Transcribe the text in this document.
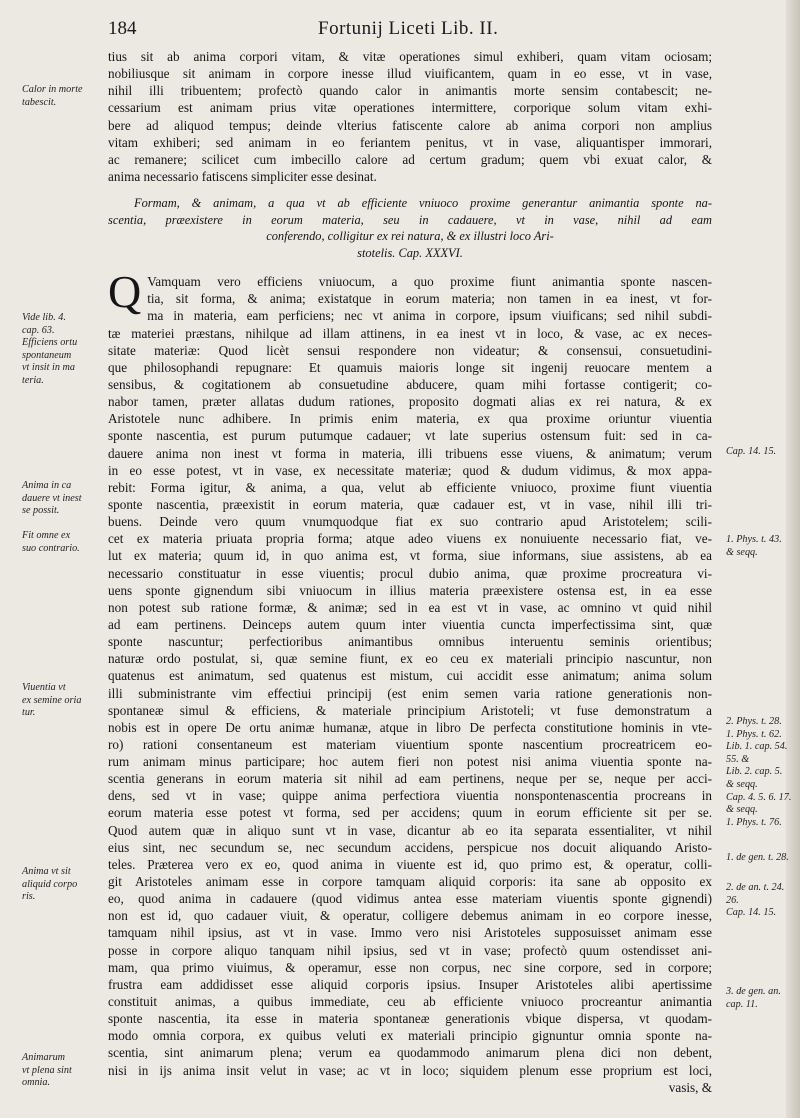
184	Fortunij Liceti Lib. II.
Calor in morte
tabescit.
Vide lib. 4.
cap. 63.
Efficiens ortu
spontaneum
vt insit in ma
teria.
Anima in ca
dauere vt inest
se possit.
Fit omne ex
suo contrario.
Viuentia vt
ex semine oria
tur.
Anima vt sit
aliquid corpo
ris.
Animarum
vt plena sint
omnia.
Cap. 14. 15.
1. Phys. t. 43.
& seqq.
2. Phys. t. 28.
1. Phys. t. 62.
Lib. 1. cap. 54.
55. &
Lib. 2. cap. 5.
& seqq.
Cap. 4. 5. 6. 17.
& seqq.
1. Phys. t. 76.
1. de gen. t. 28.
2. de an. t. 24.
26.
Cap. 14. 15.
3. de gen. an.
cap. 11.
tius sit ab anima corpori vitam, & vitæ operationes simul exhiberi, quam vitam ociosam;
nobiliusque sit animam in corpore inesse illud viuificantem, quam in eo esse, vt in vase,
nihil illi tribuentem; profectò quando calor in animantis morte sensim contabescit; ne-
cessarium est animam prius vitæ operationes intermittere, corporique solum vitam exhi-
bere ad aliquod tempus; deinde vlterius fatiscente calore ab anima corpori non amplius
vitam exhiberi; sed animam in eo feriantem penitus, vt in vase, aliquantisper immorari,
ac remanere; scilicet cum imbecillo calore ad certum gradum; quem vbi exuat calor, &
anima necessario fatiscens simpliciter esse desinat.
Formam, & animam, a qua vt ab efficiente vniuoco proxime generantur animantia sponte na-
scentia, præexistere in eorum materia, seu in cadauere, vt in vase, nihil ad eam
conferendo, colligitur ex rei natura, & ex illustri loco Ari-
stotelis. Cap. XXXVI.
Q Vamquam vero efficiens vniuocum, a quo proxime fiunt animantia sponte nascen-
tia, sit forma, & anima; existatque in eorum materia; non tamen in ea inest, vt for-
ma in materia, eam perficiens; nec vt anima in corpore, ipsum viuificans; sed nihil subdi-
tæ materiei præstans, nihilque ad illam attinens, in ea inest vt in loco, & vase, ac ex neces-
sitate materiæ: Quod licèt sensui respondere non videatur; & consensui, consuetudini-
que philosophandi repugnare: Et quamuis maioris longe sit ingenij reuocare mentem a
sensibus, & cogitationem ab consuetudine abducere, quam mihi fortasse contigerit; co-
nabor tamen, præter allatas dudum rationes, proposito dogmati alias ex rei natura, & ex
Aristotele nunc adhibere. In primis enim materia, ex qua proxime oriuntur viuentia
sponte nascentia, est purum putumque cadauer; vt late superius ostensum fuit: sed in ca-
dauere anima non inest vt forma in materia, illi tribuens esse viuens, & animatum; verum
in eo esse potest, vt in vase, ex necessitate materiæ; quod & dudum vidimus, & mox appa-
rebit: Forma igitur, & anima, a qua, velut ab efficiente vniuoco, proxime fiunt viuentia
sponte nascentia, præexistit in eorum materia, quæ cadauer est, vt in vase, nihil illi tri-
buens. Deinde vero quum vnumquodque fiat ex suo contrario apud Aristotelem; scili-
cet ex materia priuata propria forma; atque adeo viuens ex nonuiuente necessario fiat, ve-
lut ex materia; quum id, in quo anima est, vt forma, siue informans, siue assistens, ab ea
necessario constituatur in esse viuentis; procul dubio anima, quæ proxime procreatura vi-
uens sponte gignendum sibi vniuocum in illius materia præexistere ostensa est, in ea esse
non potest sub ratione formæ, & animæ; sed in ea est vt in vase, ac omnino vt quid nihil
ad eam pertinens. Deinceps autem quum inter viuentia cuncta imperfectissima sint, quæ
sponte nascuntur; perfectioribus animantibus omnibus interuentu seminis orientibus;
naturæ ordo postulat, si, quæ semine fiunt, ex eo ceu ex materiali principio nascuntur, non
quatenus est animatum, sed quatenus est mistum, cui accidit esse animatum; anima solum
illi subministrante vim effectiui principij (est enim semen varia ratione generationis non-
spontaneæ simul & efficiens, & materiale principium Aristoteli; vt fuse demonstratum a
nobis est in opere De ortu animæ humanæ, atque in libro De perfecta constitutione hominis in vte-
ro) rationi consentaneum est materiam viuentium sponte nascentium procreatricem eo-
rum animam minus participare; hoc autem fieri non potest nisi anima viuentia sponte na-
scentia generans in eorum materia sit nihil ad eam pertinens, neque per se, neque per acci-
dens, sed vt in vase; quippe anima perfectiora viuentia nonspontenascentia procreans in
eorum materia esse potest vt forma, sed per accidens; quum in eorum efficiente sit per se.
Quod autem quæ in aliquo sunt vt in vase, dicantur ab eo ita separata essentialiter, vt nihil
eius sint, nec secundum se, nec secundum accidens, perspicue nos docuit aliquando Aristo-
teles. Præterea vero ex eo, quod anima in viuente est id, quo primo est, & operatur, colli-
git Aristoteles animam esse in corpore tamquam aliquid corporis: ita sane ab opposito ex
eo, quod anima in cadauere (quod vidimus antea esse materiam viuentis sponte gignendi)
non est id, quo cadauer viuit, & operatur, colligere debemus animam in eo corpore inesse,
tamquam nihil ipsius, ast vt in vase. Immo vero nisi Aristoteles supposuisset animam esse
posse in corpore aliquo tanquam nihil ipsius, sed vt in vase; profectò quum ostendisset ani-
mam, qua primo viuimus, & operamur, esse non corpus, nec sine corpore, sed in corpore;
frustra eam addidisset esse aliquid corporis ipsius. Insuper Aristoteles alibi apertissime
constituit animas, a quibus immediate, ceu ab efficiente vniuoco procreantur animantia
sponte nascentia, ita esse in materia spontaneæ generationis vbique dispersa, vt quodam-
modo omnia corpora, ex quibus veluti ex materiali principio gignuntur omnia sponte na-
scentia, sint animarum plena; verum ea quodammodo animarum plena dici non debent,
nisi in ijs anima insit velut in vase; ac vt in loco; siquidem plenum esse proprium est loci,
vasis, &
